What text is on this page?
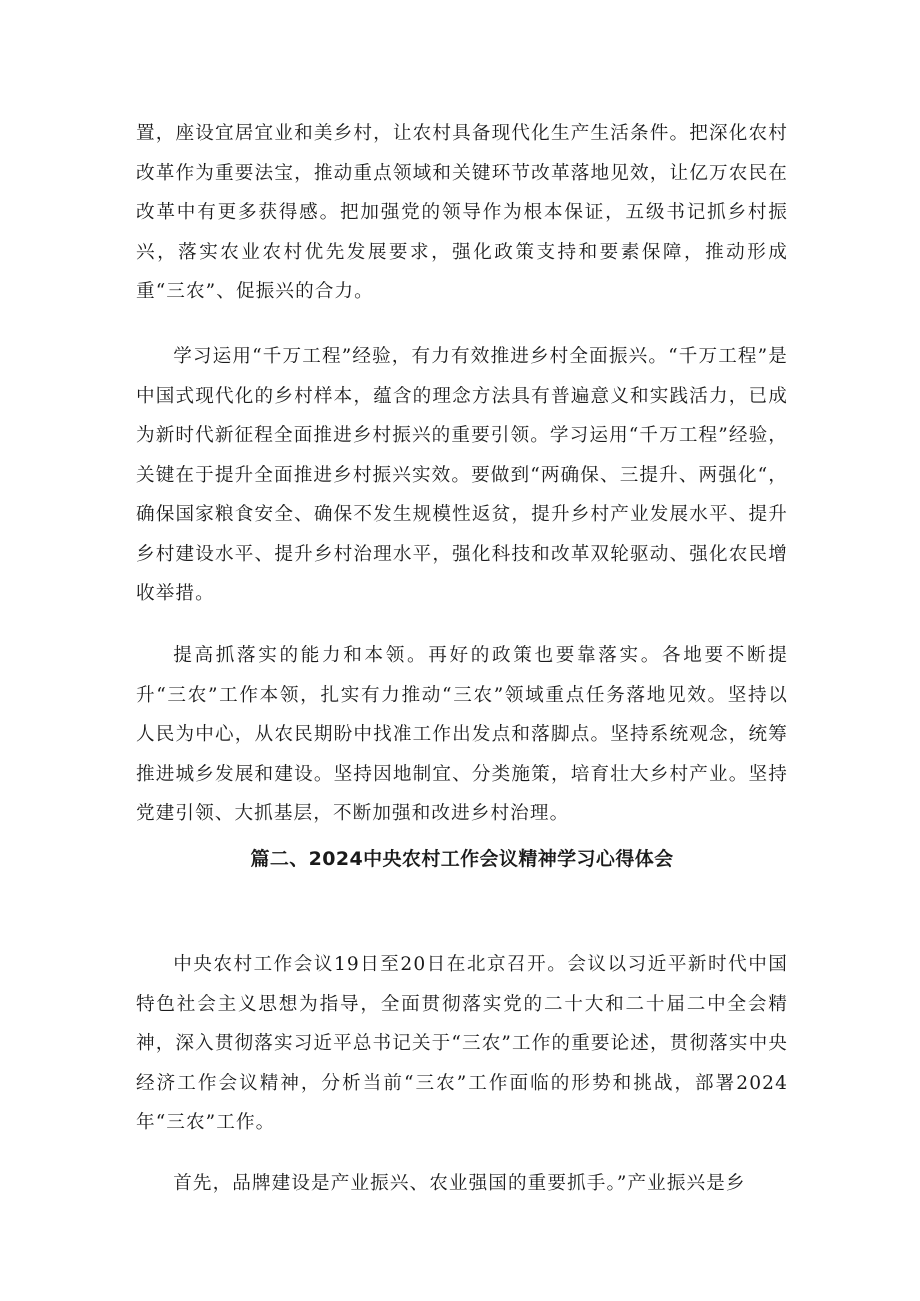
置，座设宜居宜业和美乡村，让农村具备现代化生产生活条件。把深化农村改革作为重要法宝，推动重点领域和关键环节改革落地见效，让亿万农民在改革中有更多获得感。把加强党的领导作为根本保证，五级书记抓乡村振兴，落实农业农村优先发展要求，强化政策支持和要素保障，推动形成重“三农”、促振兴的合力。

学习运用“千万工程”经验，有力有效推进乡村全面振兴。“千万工程”是中国式现代化的乡村样本，蕴含的理念方法具有普遍意义和实践活力，已成为新时代新征程全面推进乡村振兴的重要引领。学习运用“千万工程”经验，关键在于提升全面推进乡村振兴实效。要做到“两确保、三提升、两强化“，确保国家粮食安全、确保不发生规模性返贫，提升乡村产业发展水平、提升乡村建设水平、提升乡村治理水平，强化科技和改革双轮驱动、强化农民增收举措。

提高抓落实的能力和本领。再好的政策也要靠落实。各地要不断提升“三农”工作本领，扎实有力推动“三农”领域重点任务落地见效。坚持以人民为中心，从农民期盼中找准工作出发点和落脚点。坚持系统观念，统筹推进城乡发展和建设。坚持因地制宜、分类施策，培育壮大乡村产业。坚持党建引领、大抓基层，不断加强和改进乡村治理。

篇二、2024中央农村工作会议精神学习心得体会

中央农村工作会议19日至20日在北京召开。会议以习近平新时代中国特色社会主义思想为指导，全面贯彻落实党的二十大和二十届二中全会精神，深入贯彻落实习近平总书记关于“三农”工作的重要论述，贯彻落实中央经济工作会议精神，分析当前“三农”工作面临的形势和挑战，部署2024年“三农”工作。

首先，品牌建设是产业振兴、农业强国的重要抓手。”产业振兴是乡
